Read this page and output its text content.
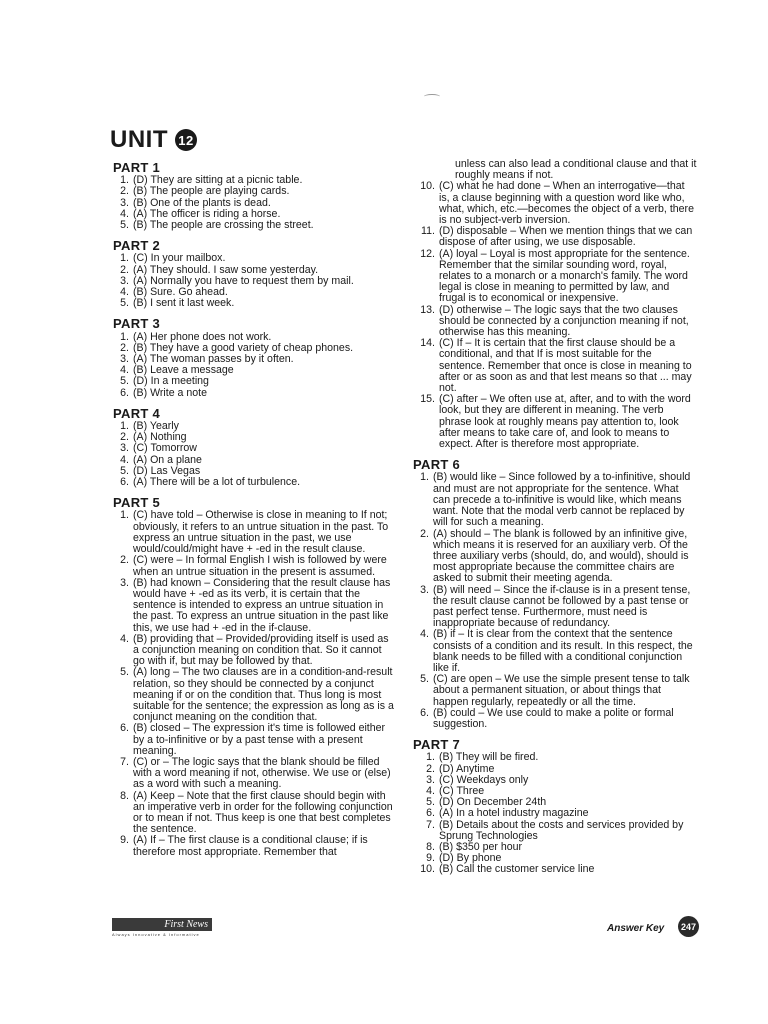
UNIT 12
PART 1
1. (D) They are sitting at a picnic table.
2. (B) The people are playing cards.
3. (B) One of the plants is dead.
4. (A) The officer is riding a horse.
5. (B) The people are crossing the street.
PART 2
1. (C) In your mailbox.
2. (A) They should. I saw some yesterday.
3. (A) Normally you have to request them by mail.
4. (B) Sure. Go ahead.
5. (B) I sent it last week.
PART 3
1. (A) Her phone does not work.
2. (B) They have a good variety of cheap phones.
3. (A) The woman passes by it often.
4. (B) Leave a message
5. (D) In a meeting
6. (B) Write a note
PART 4
1. (B) Yearly
2. (A) Nothing
3. (C) Tomorrow
4. (A) On a plane
5. (D) Las Vegas
6. (A) There will be a lot of turbulence.
PART 5
1. (C) have told – Otherwise is close in meaning to If not; obviously, it refers to an untrue situation in the past. To express an untrue situation in the past, we use would/could/might have + -ed in the result clause.
2. (C) were – In formal English I wish is followed by were when an untrue situation in the present is assumed.
3. (B) had known – Considering that the result clause has would have + -ed as its verb, it is certain that the sentence is intended to express an untrue situation in the past. To express an untrue situation in the past like this, we use had + -ed in the if-clause.
4. (B) providing that – Provided/providing itself is used as a conjunction meaning on condition that. So it cannot go with if, but may be followed by that.
5. (A) long – The two clauses are in a condition-and-result relation, so they should be connected by a conjunct meaning if or on the condition that. Thus long is most suitable for the sentence; the expression as long as is a conjunct meaning on the condition that.
6. (B) closed – The expression it's time is followed either by a to-infinitive or by a past tense with a present meaning.
7. (C) or – The logic says that the blank should be filled with a word meaning if not, otherwise. We use or (else) as a word with such a meaning.
8. (A) Keep – Note that the first clause should begin with an imperative verb in order for the following conjunction or to mean if not. Thus keep is one that best completes the sentence.
9. (A) If – The first clause is a conditional clause; if is therefore most appropriate. Remember that
unless can also lead a conditional clause and that it roughly means if not.
10. (C) what he had done – When an interrogative—that is, a clause beginning with a question word like who, what, which, etc.—becomes the object of a verb, there is no subject-verb inversion.
11. (D) disposable – When we mention things that we can dispose of after using, we use disposable.
12. (A) loyal – Loyal is most appropriate for the sentence. Remember that the similar sounding word, royal, relates to a monarch or a monarch's family. The word legal is close in meaning to permitted by law, and frugal is to economical or inexpensive.
13. (D) otherwise – The logic says that the two clauses should be connected by a conjunction meaning if not, otherwise has this meaning.
14. (C) If – It is certain that the first clause should be a conditional, and that If is most suitable for the sentence. Remember that once is close in meaning to after or as soon as and that lest means so that ... may not.
15. (C) after – We often use at, after, and to with the word look, but they are different in meaning. The verb phrase look at roughly means pay attention to, look after means to take care of, and look to means to expect. After is therefore most appropriate.
PART 6
1. (B) would like – Since followed by a to-infinitive, should and must are not appropriate for the sentence. What can precede a to-infinitive is would like, which means want. Note that the modal verb cannot be replaced by will for such a meaning.
2. (A) should – The blank is followed by an infinitive give, which means it is reserved for an auxiliary verb. Of the three auxiliary verbs (should, do, and would), should is most appropriate because the committee chairs are asked to submit their meeting agenda.
3. (B) will need – Since the if-clause is in a present tense, the result clause cannot be followed by a past tense or past perfect tense. Furthermore, must need is inappropriate because of redundancy.
4. (B) if – It is clear from the context that the sentence consists of a condition and its result. In this respect, the blank needs to be filled with a conditional conjunction like if.
5. (C) are open – We use the simple present tense to talk about a permanent situation, or about things that happen regularly, repeatedly or all the time.
6. (B) could – We use could to make a polite or formal suggestion.
PART 7
1. (B) They will be fired.
2. (D) Anytime
3. (C) Weekdays only
4. (C) Three
5. (D) On December 24th
6. (A) In a hotel industry magazine
7. (B) Details about the costs and services provided by Sprung Technologies
8. (B) $350 per hour
9. (D) By phone
10. (B) Call the customer service line
First News
Always Innovative & Informative
Answer Key	247
